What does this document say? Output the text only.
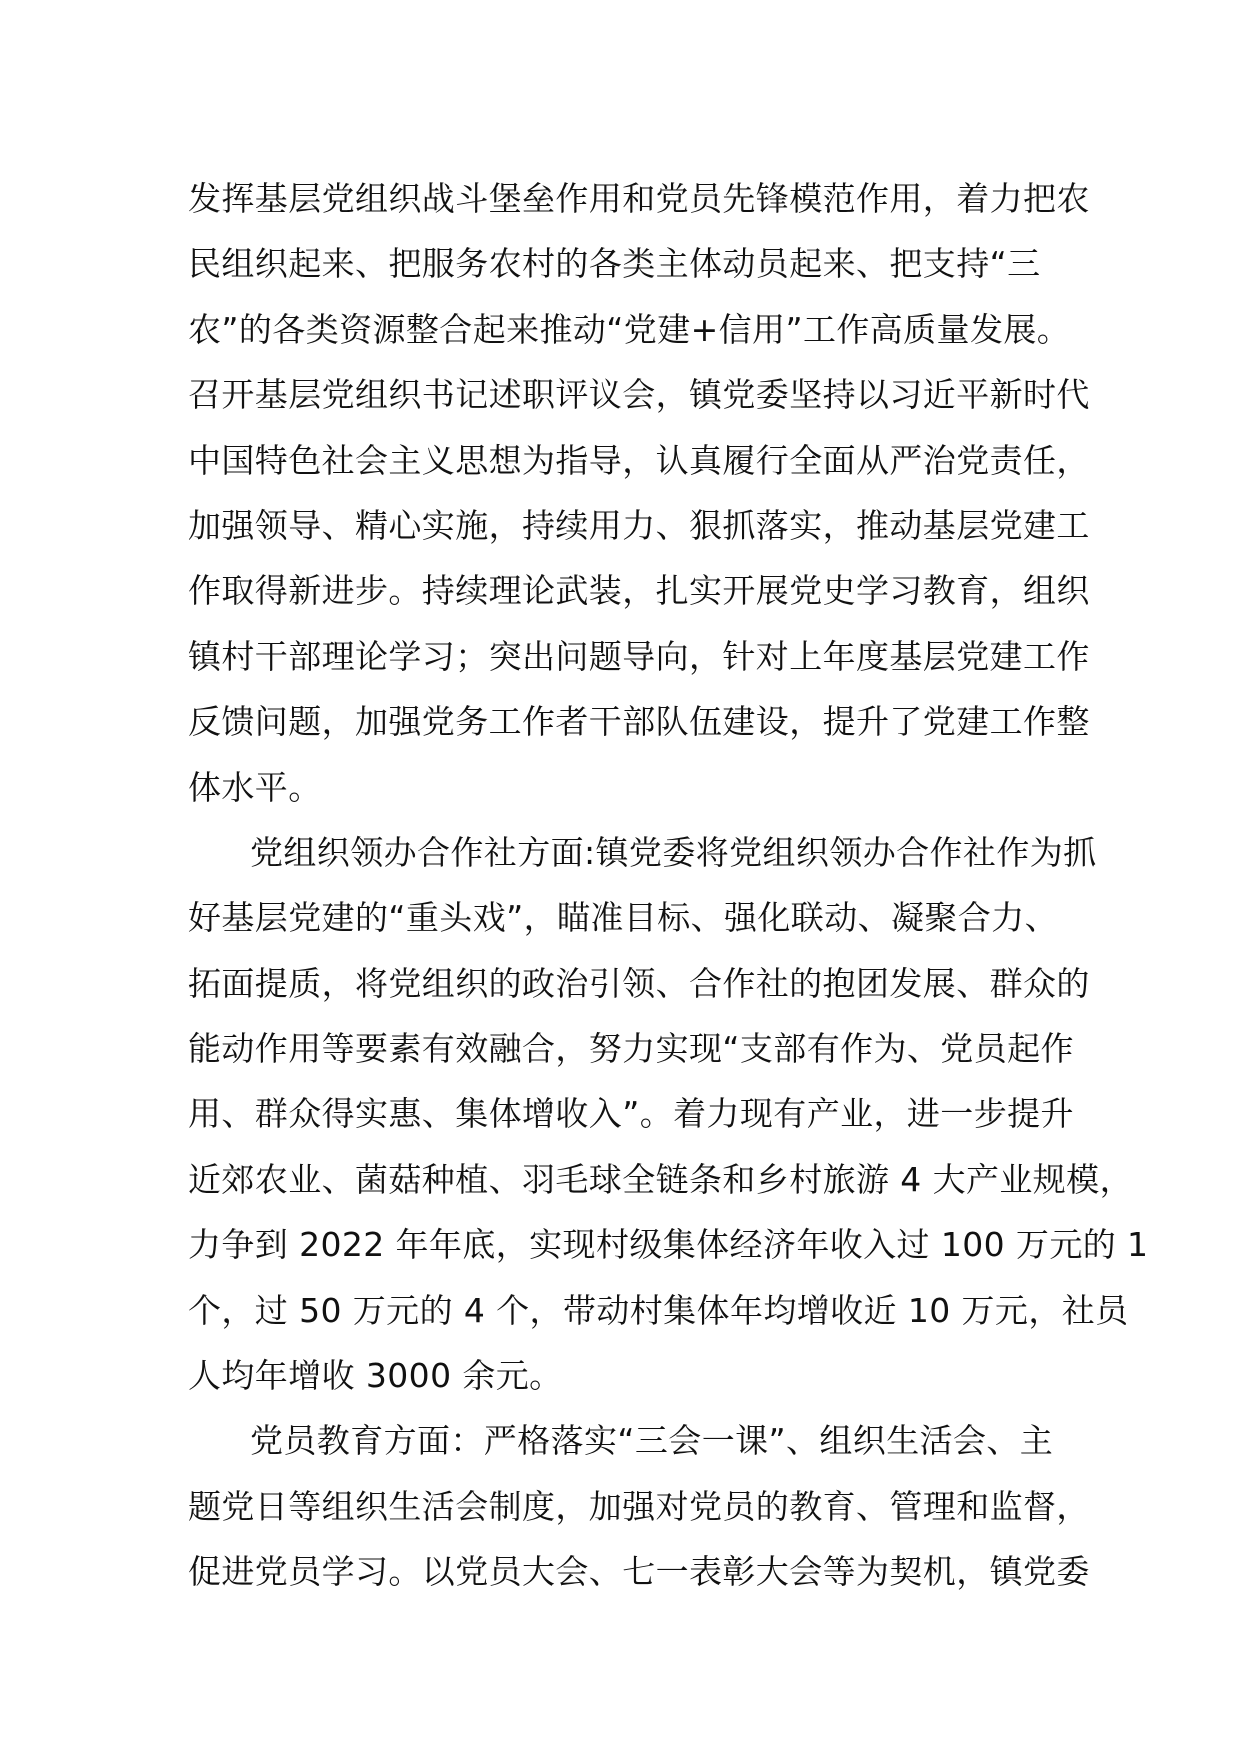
发挥基层党组织战斗堡垒作用和党员先锋模范作用，着力把农
民组织起来、把服务农村的各类主体动员起来、把支持“三
农”的各类资源整合起来推动“党建+信用”工作高质量发展。
召开基层党组织书记述职评议会，镇党委坚持以习近平新时代
中国特色社会主义思想为指导，认真履行全面从严治党责任，
加强领导、精心实施，持续用力、狠抓落实，推动基层党建工
作取得新进步。持续理论武装，扎实开展党史学习教育，组织
镇村干部理论学习；突出问题导向，针对上年度基层党建工作
反馈问题，加强党务工作者干部队伍建设，提升了党建工作整
体水平。
党组织领办合作社方面:镇党委将党组织领办合作社作为抓
好基层党建的“重头戏”，瞄准目标、强化联动、凝聚合力、
拓面提质，将党组织的政治引领、合作社的抱团发展、群众的
能动作用等要素有效融合，努力实现“支部有作为、党员起作
用、群众得实惠、集体增收入”。着力现有产业，进一步提升
近郊农业、菌菇种植、羽毛球全链条和乡村旅游 4 大产业规模，
力争到 2022 年年底，实现村级集体经济年收入过 100 万元的 1
个，过 50 万元的 4 个，带动村集体年均增收近 10 万元，社员
人均年增收 3000 余元。
党员教育方面：严格落实“三会一课”、组织生活会、主
题党日等组织生活会制度，加强对党员的教育、管理和监督，
促进党员学习。以党员大会、七一表彰大会等为契机，镇党委
